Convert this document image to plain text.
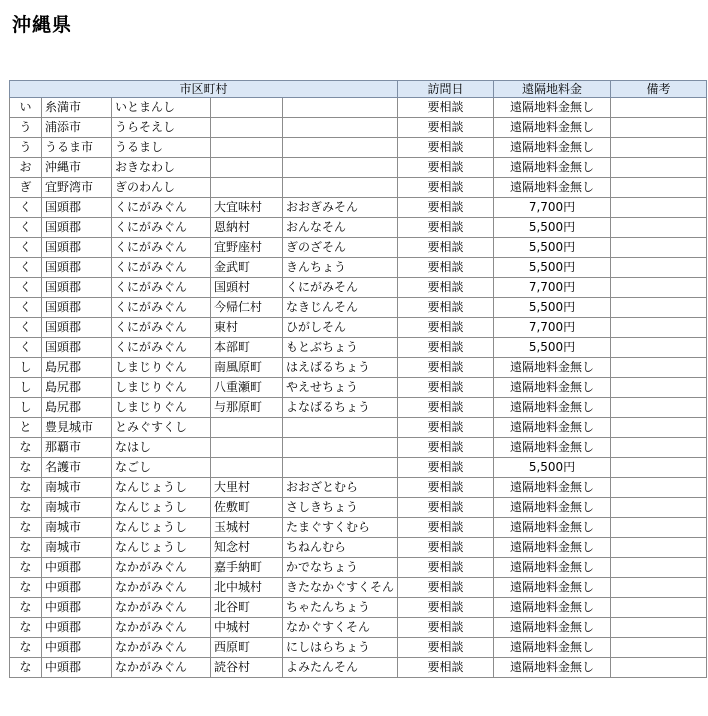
沖縄県
市区町村					訪問日	遠隔地料金	備考
い	糸満市	いとまんし			要相談	遠隔地料金無し	
う	浦添市	うらそえし			要相談	遠隔地料金無し	
う	うるま市	うるまし			要相談	遠隔地料金無し	
お	沖縄市	おきなわし			要相談	遠隔地料金無し	
ぎ	宜野湾市	ぎのわんし			要相談	遠隔地料金無し	
く	国頭郡	くにがみぐん	大宜味村	おおぎみそん	要相談	7,700円	
く	国頭郡	くにがみぐん	恩納村	おんなそん	要相談	5,500円	
く	国頭郡	くにがみぐん	宜野座村	ぎのざそん	要相談	5,500円	
く	国頭郡	くにがみぐん	金武町	きんちょう	要相談	5,500円	
く	国頭郡	くにがみぐん	国頭村	くにがみそん	要相談	7,700円	
く	国頭郡	くにがみぐん	今帰仁村	なきじんそん	要相談	5,500円	
く	国頭郡	くにがみぐん	東村	ひがしそん	要相談	7,700円	
く	国頭郡	くにがみぐん	本部町	もとぶちょう	要相談	5,500円	
し	島尻郡	しまじりぐん	南風原町	はえばるちょう	要相談	遠隔地料金無し	
し	島尻郡	しまじりぐん	八重瀬町	やえせちょう	要相談	遠隔地料金無し	
し	島尻郡	しまじりぐん	与那原町	よなばるちょう	要相談	遠隔地料金無し	
と	豊見城市	とみぐすくし			要相談	遠隔地料金無し	
な	那覇市	なはし			要相談	遠隔地料金無し	
な	名護市	なごし			要相談	5,500円	
な	南城市	なんじょうし	大里村	おおざとむら	要相談	遠隔地料金無し	
な	南城市	なんじょうし	佐敷町	さしきちょう	要相談	遠隔地料金無し	
な	南城市	なんじょうし	玉城村	たまぐすくむら	要相談	遠隔地料金無し	
な	南城市	なんじょうし	知念村	ちねんむら	要相談	遠隔地料金無し	
な	中頭郡	なかがみぐん	嘉手納町	かでなちょう	要相談	遠隔地料金無し	
な	中頭郡	なかがみぐん	北中城村	きたなかぐすくそん	要相談	遠隔地料金無し	
な	中頭郡	なかがみぐん	北谷町	ちゃたんちょう	要相談	遠隔地料金無し	
な	中頭郡	なかがみぐん	中城村	なかぐすくそん	要相談	遠隔地料金無し	
な	中頭郡	なかがみぐん	西原町	にしはらちょう	要相談	遠隔地料金無し	
な	中頭郡	なかがみぐん	読谷村	よみたんそん	要相談	遠隔地料金無し	
